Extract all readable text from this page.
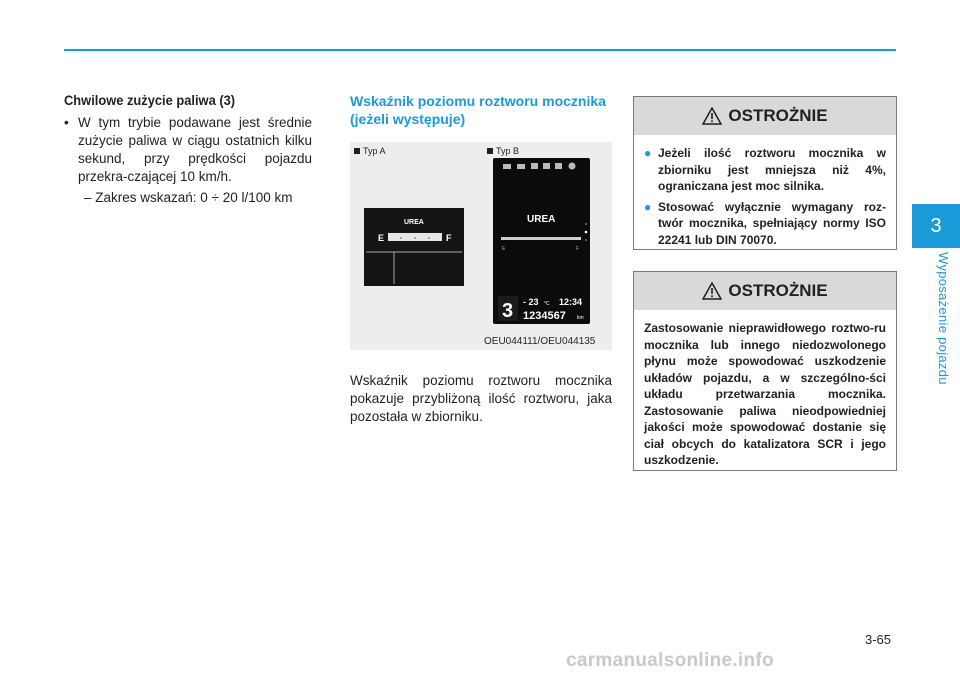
3
Wyposażenie pojazdu
Chwilowe zużycie paliwa (3)
• W tym trybie podawane jest średnie zużycie paliwa w ciągu ostatnich kilku sekund, przy prędkości pojazdu przekra-czającej 10 km/h.
– Zakres wskazań: 0 ÷ 20 l/100 km

Wskaźnik poziomu roztworu mocznika (jeżeli występuje)

Typ A	Typ B
UREA
E	F
UREA
E	F
3 - 23 °C 12:34
1234567 km
OEU044111/OEU044135
Wskaźnik poziomu roztworu mocznika pokazuje przybliżoną ilość roztworu, jaka pozostała w zbiorniku.
OSTROŻNIE
● Jeżeli ilość roztworu mocznika w zbiorniku jest mniejsza niż 4%, ograniczana jest moc silnika.
● Stosować wyłącznie wymagany roz-twór mocznika, spełniający normy ISO 22241 lub DIN 70070.
OSTROŻNIE
Zastosowanie nieprawidłowego roztwo-ru mocznika lub innego niedozwolonego płynu może spowodować uszkodzenie układów pojazdu, a w szczególno-ści układu przetwarzania mocznika. Zastosowanie paliwa nieodpowiedniej jakości może spowodować dostanie się ciał obcych do katalizatora SCR i jego uszkodzenie.
3-65
carmanualsonline.info
